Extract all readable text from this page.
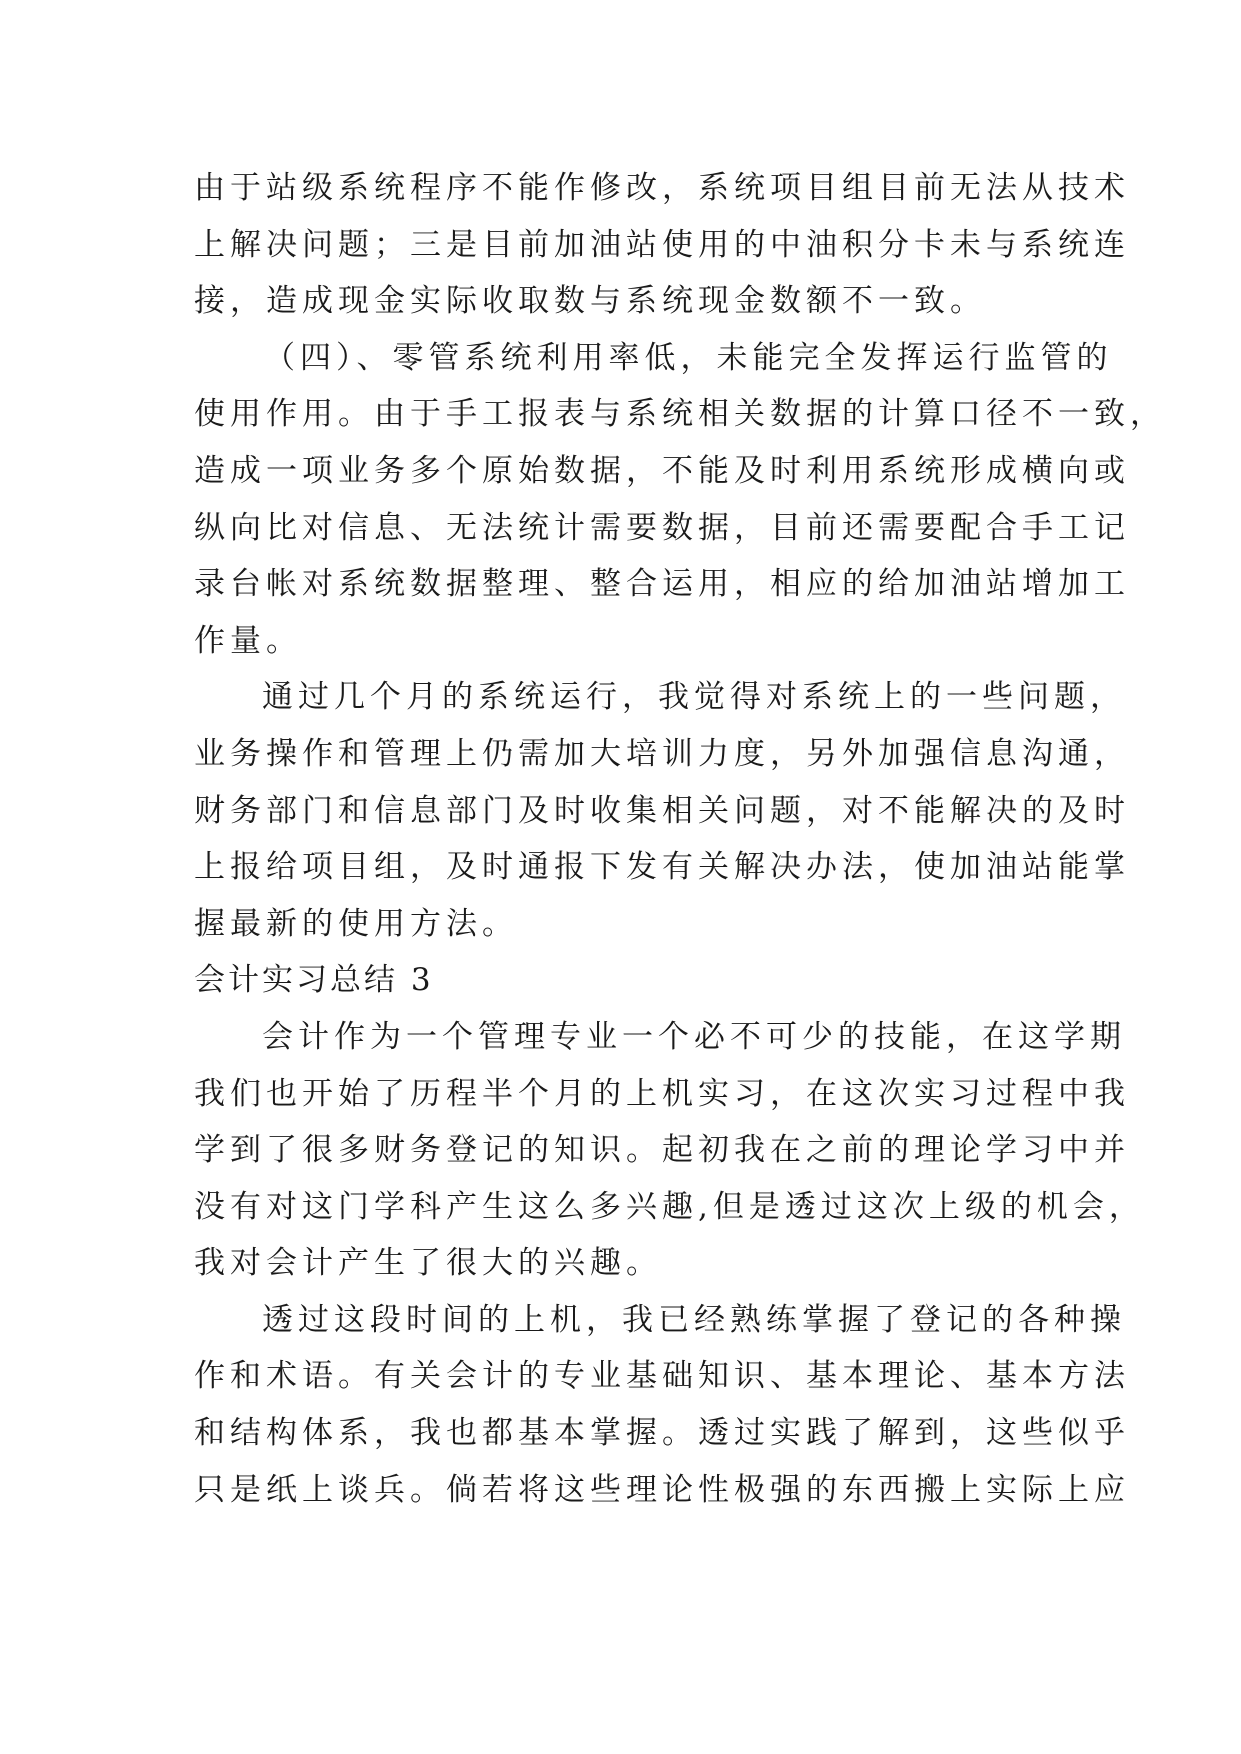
由于站级系统程序不能作修改，系统项目组目前无法从技术
上解决问题；三是目前加油站使用的中油积分卡未与系统连
接，造成现金实际收取数与系统现金数额不一致。
（四）、零管系统利用率低，未能完全发挥运行监管的
使用作用。由于手工报表与系统相关数据的计算口径不一致，
造成一项业务多个原始数据，不能及时利用系统形成横向或
纵向比对信息、无法统计需要数据，目前还需要配合手工记
录台帐对系统数据整理、整合运用，相应的给加油站增加工
作量。
通过几个月的系统运行，我觉得对系统上的一些问题，
业务操作和管理上仍需加大培训力度，另外加强信息沟通，
财务部门和信息部门及时收集相关问题，对不能解决的及时
上报给项目组，及时通报下发有关解决办法，使加油站能掌
握最新的使用方法。
会计实习总结 3
会计作为一个管理专业一个必不可少的技能，在这学期
我们也开始了历程半个月的上机实习，在这次实习过程中我
学到了很多财务登记的知识。起初我在之前的理论学习中并
没有对这门学科产生这么多兴趣,但是透过这次上级的机会，
我对会计产生了很大的兴趣。
透过这段时间的上机，我已经熟练掌握了登记的各种操
作和术语。有关会计的专业基础知识、基本理论、基本方法
和结构体系，我也都基本掌握。透过实践了解到，这些似乎
只是纸上谈兵。倘若将这些理论性极强的东西搬上实际上应
